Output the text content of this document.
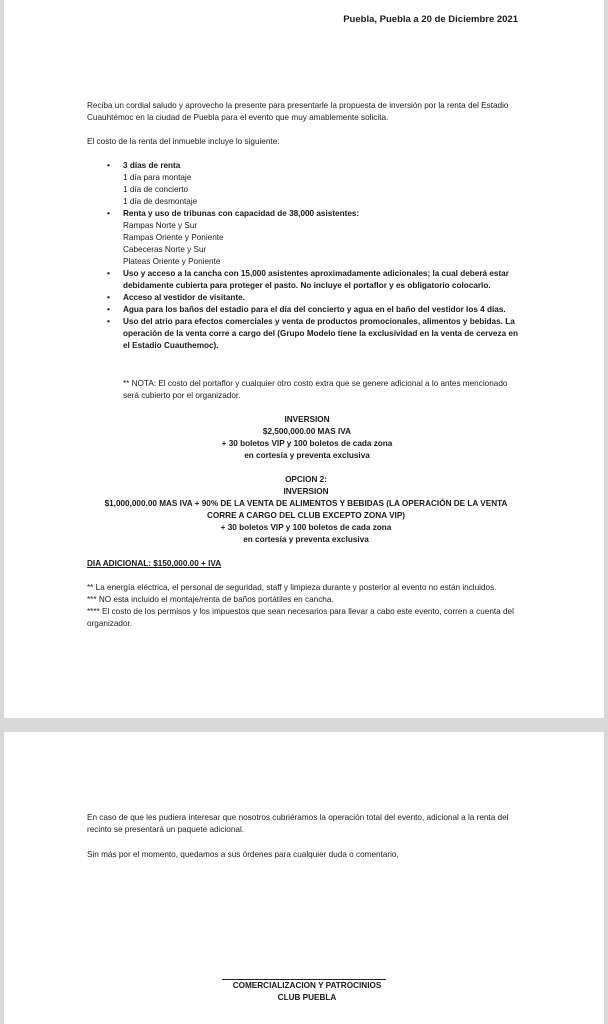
Puebla, Puebla a 20 de Diciembre 2021
Reciba un cordial saludo y aprovecho la presente para presentarle la propuesta de inversión por la renta del Estadio Cuauhtémoc en la ciudad de Puebla para el evento que muy amablemente solicita.
El costo de la renta del inmueble incluye lo siguiente:
• 3 días de renta
1 día para montaje
1 día de concierto
1 día de desmontaje
• Renta y uso de tribunas con capacidad de 38,000 asistentes:
Rampas Norte y Sur
Rampas Oriente y Poniente
Cabeceras Norte y Sur
Plateas Oriente y Poniente
• Uso y acceso a la cancha con 15,000 asistentes aproximadamente adicionales; la cual deberá estar debidamente cubierta para proteger el pasto. No incluye el portaflor y es obligatorio colocarlo.
• Acceso al vestidor de visitante.
• Agua para los baños del estadio para el día del concierto y agua en el baño del vestidor los 4 días.
• Uso del atrio para efectos comerciales y venta de productos promocionales, alimentos y bebidas. La operación de la venta corre a cargo del (Grupo Modelo tiene la exclusividad en la venta de cerveza en el Estadio Cuauthemoc).
** NOTA: El costo del portaflor y cualquier otro costo extra que se genere adicional a lo antes mencionado será cubierto por el organizador.
INVERSION
$2,500,000.00 MAS IVA
+ 30 boletos VIP y 100 boletos de cada zona
en cortesía y preventa exclusiva
OPCION 2:
INVERSION
$1,000,000.00 MAS IVA + 90% DE LA VENTA DE ALIMENTOS Y BEBIDAS (LA OPERACIÓN DE LA VENTA CORRE A CARGO DEL CLUB EXCEPTO ZONA VIP)
+ 30 boletos VIP y 100 boletos de cada zona
en cortesía y preventa exclusiva
DIA ADICIONAL: $150,000.00 + IVA
** La energía eléctrica, el personal de seguridad, staff y limpieza durante y posterior al evento no están incluidos.
*** NO esta incluido el montaje/renta de baños portátiles en cancha.
**** El costo de los permisos y los impuestos que sean necesarios para llevar a cabo este evento, corren a cuenta del organizador.
En caso de que les pudiera interesar que nosotros cubriéramos la operación total del evento, adicional a la renta del recinto se presentará un paquete adicional.
Sin más por el momento, quedamos a sus órdenes para cualquier duda o comentario,
COMERCIALIZACION Y PATROCINIOS
CLUB PUEBLA
